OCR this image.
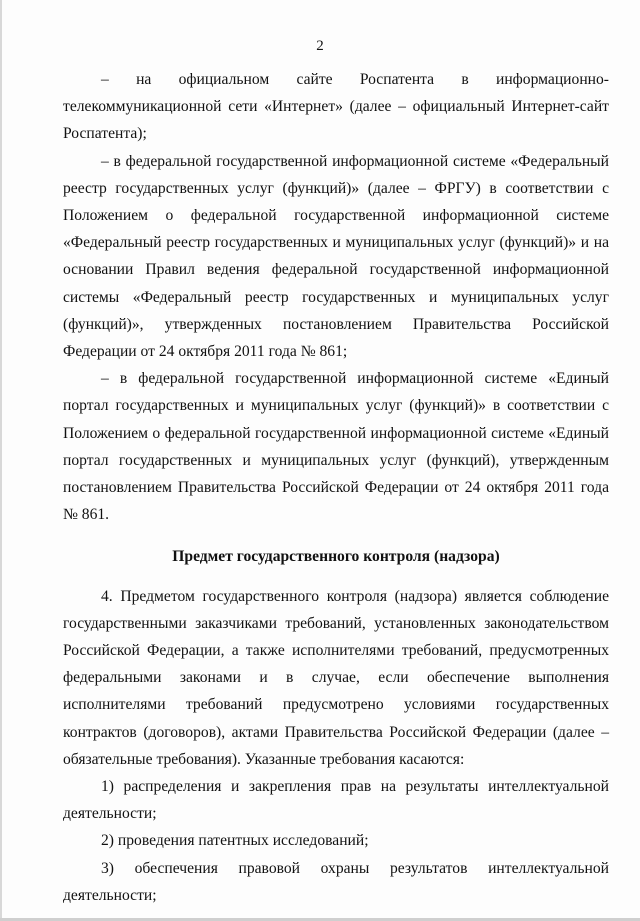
2

– на официальном сайте Роспатента в информационно-телекоммуникационной сети «Интернет» (далее – официальный Интернет-сайт Роспатента);

– в федеральной государственной информационной системе «Федеральный реестр государственных услуг (функций)» (далее – ФРГУ) в соответствии с Положением о федеральной государственной информационной системе «Федеральный реестр государственных и муниципальных услуг (функций)» и на основании Правил ведения федеральной государственной информационной системы «Федеральный реестр государственных и муниципальных услуг (функций)», утвержденных постановлением Правительства Российской Федерации от 24 октября 2011 года № 861;

– в федеральной государственной информационной системе «Единый портал государственных и муниципальных услуг (функций)» в соответствии с Положением о федеральной государственной информационной системе «Единый портал государственных и муниципальных услуг (функций), утвержденным постановлением Правительства Российской Федерации от 24 октября 2011 года № 861.

Предмет государственного контроля (надзора)

4. Предметом государственного контроля (надзора) является соблюдение государственными заказчиками требований, установленных законодательством Российской Федерации, а также исполнителями требований, предусмотренных федеральными законами и в случае, если обеспечение выполнения исполнителями требований предусмотрено условиями государственных контрактов (договоров), актами Правительства Российской Федерации (далее – обязательные требования). Указанные требования касаются:

1) распределения и закрепления прав на результаты интеллектуальной деятельности;

2) проведения патентных исследований;

3) обеспечения правовой охраны результатов интеллектуальной деятельности;
